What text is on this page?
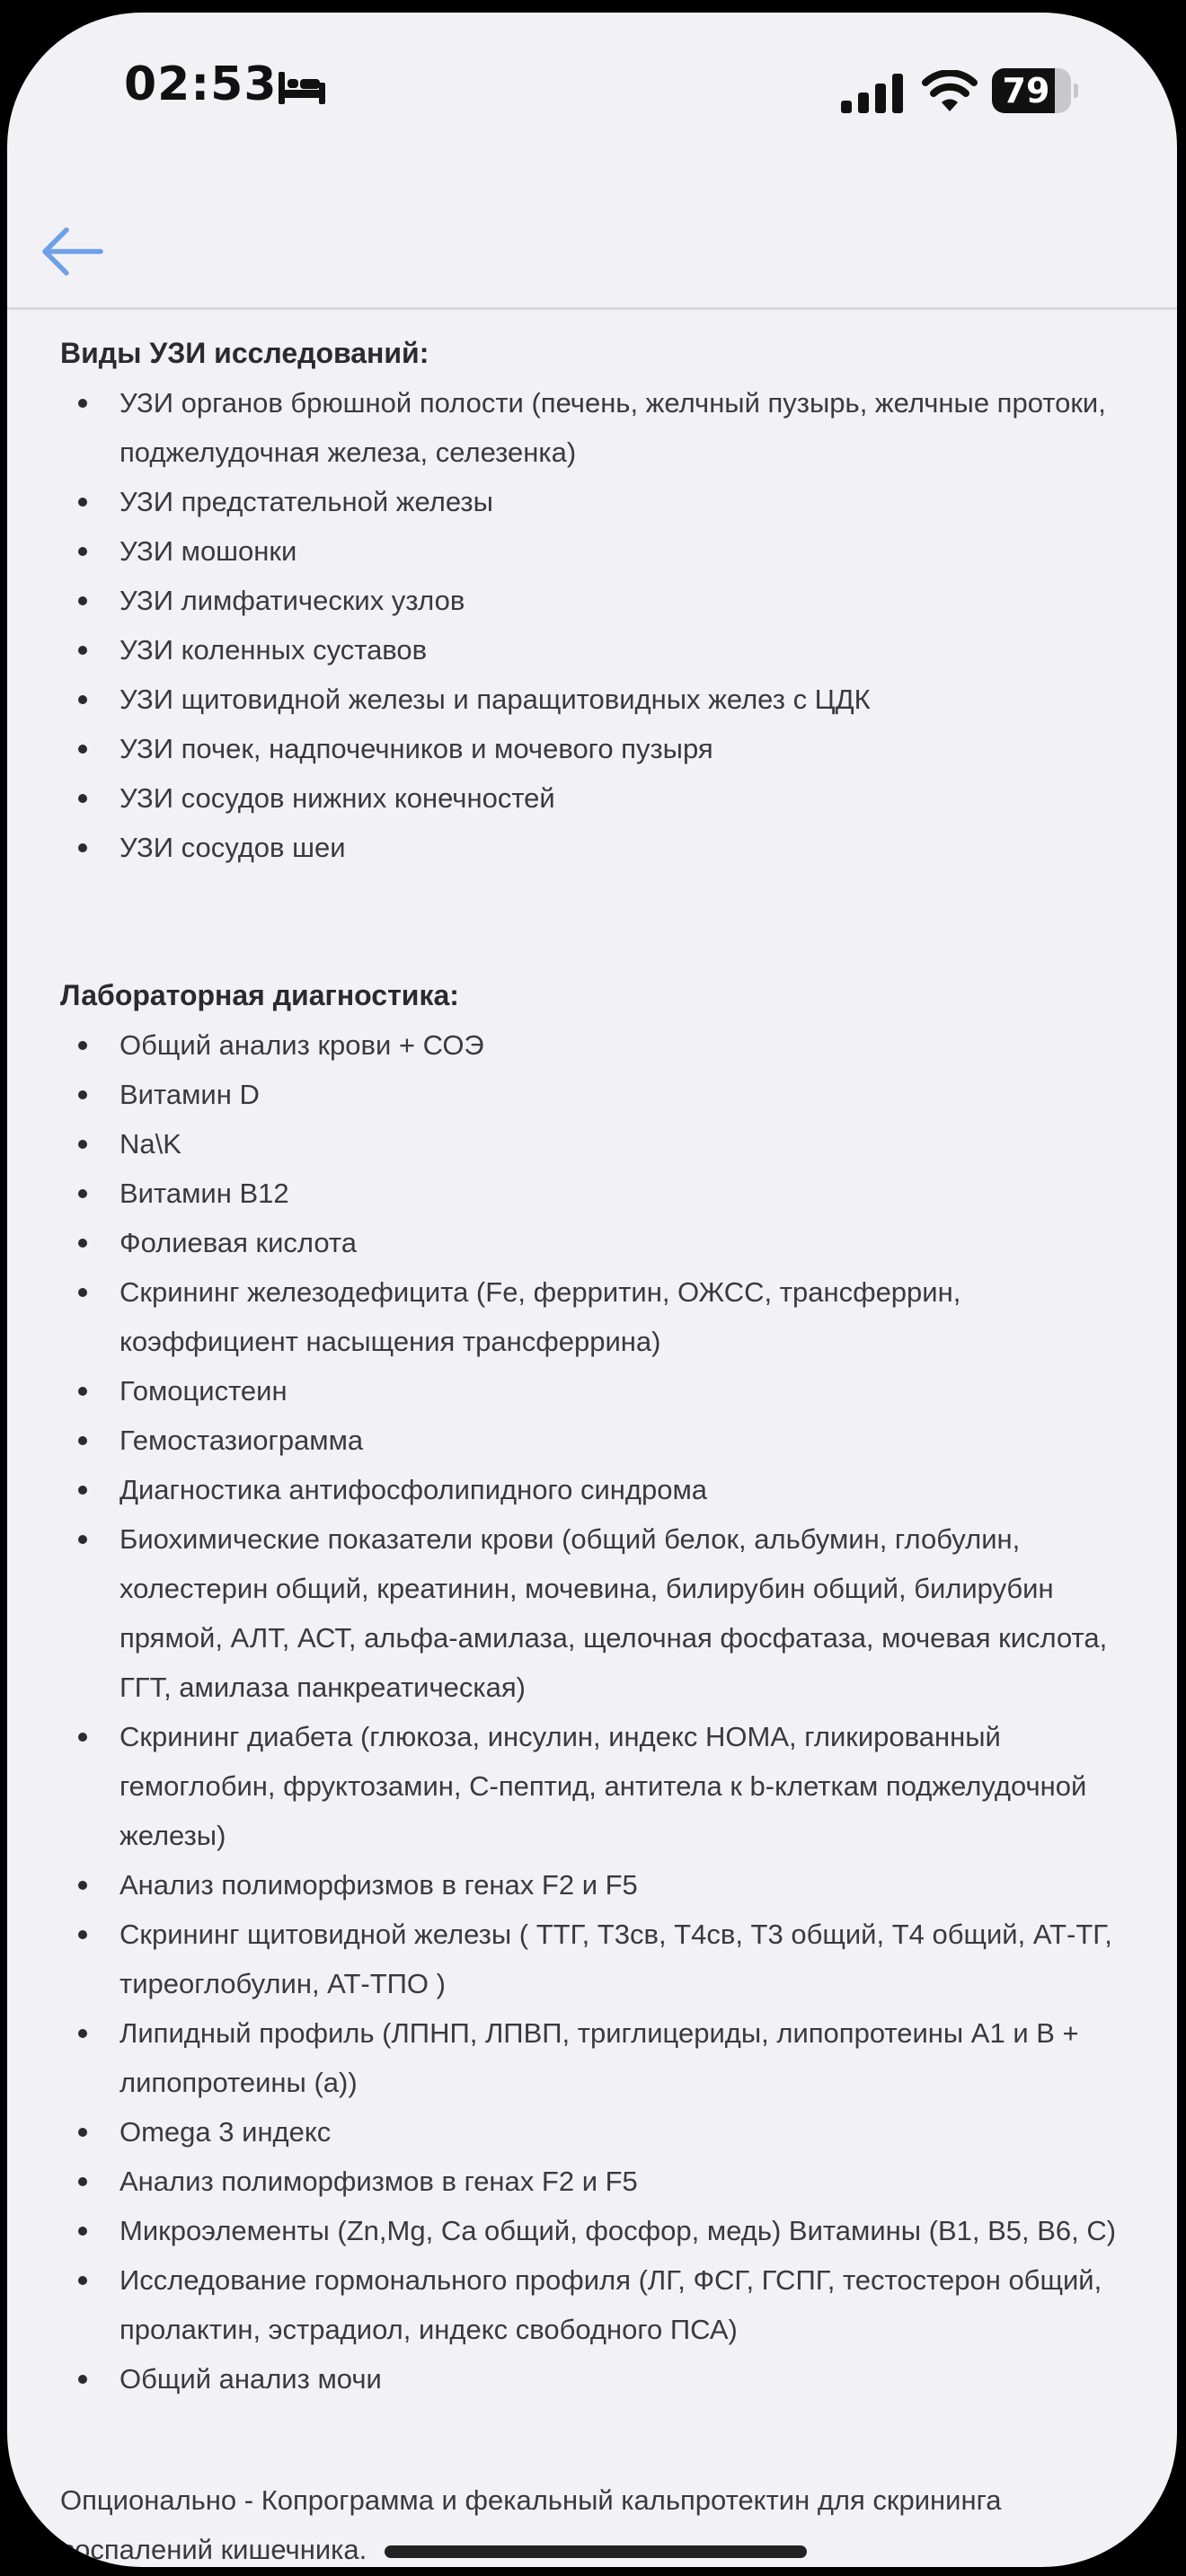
02:53	79

Виды УЗИ исследований:

УЗИ органов брюшной полости (печень, желчный пузырь, желчные протоки, поджелудочная железа, селезенка)
УЗИ предстательной железы
УЗИ мошонки
УЗИ лимфатических узлов
УЗИ коленных суставов
УЗИ щитовидной железы и паращитовидных желез с ЦДК
УЗИ почек, надпочечников и мочевого пузыря
УЗИ сосудов нижних конечностей
УЗИ сосудов шеи

Лабораторная диагностика:

Общий анализ крови + СОЭ
Витамин D
Na\K
Витамин B12
Фолиевая кислота
Скрининг железодефицита (Fe, ферритин, ОЖСС, трансферрин, коэффициент насыщения трансферрина)
Гомоцистеин
Гемостазиограмма
Диагностика антифосфолипидного синдрома
Биохимические показатели крови (общий белок, альбумин, глобулин, холестерин общий, креатинин, мочевина, билирубин общий, билирубин прямой, АЛТ, АСТ, альфа-амилаза, щелочная фосфатаза, мочевая кислота, ГГТ, амилаза панкреатическая)
Скрининг диабета (глюкоза, инсулин, индекс HOMA, гликированный гемоглобин, фруктозамин, С-пептид, антитела к b-клеткам поджелудочной железы)
Анализ полиморфизмов в генах F2 и F5
Скрининг щитовидной железы ( ТТГ, Т3св, Т4св, Т3 общий, Т4 общий, АТ-ТГ, тиреоглобулин, АТ-ТПО )
Липидный профиль (ЛПНП, ЛПВП, триглицериды, липопротеины А1 и В + липопротеины (а))
Omega 3 индекс
Анализ полиморфизмов в генах F2 и F5
Микроэлементы (Zn,Mg, Ca общий, фосфор, медь) Витамины (В1, В5, В6, С)
Исследование гормонального профиля (ЛГ, ФСГ, ГСПГ, тестостерон общий, пролактин, эстрадиол, индекс свободного ПСА)
Общий анализ мочи

Опционально - Копрограмма и фекальный кальпротектин для скрининга воспалений кишечника.
